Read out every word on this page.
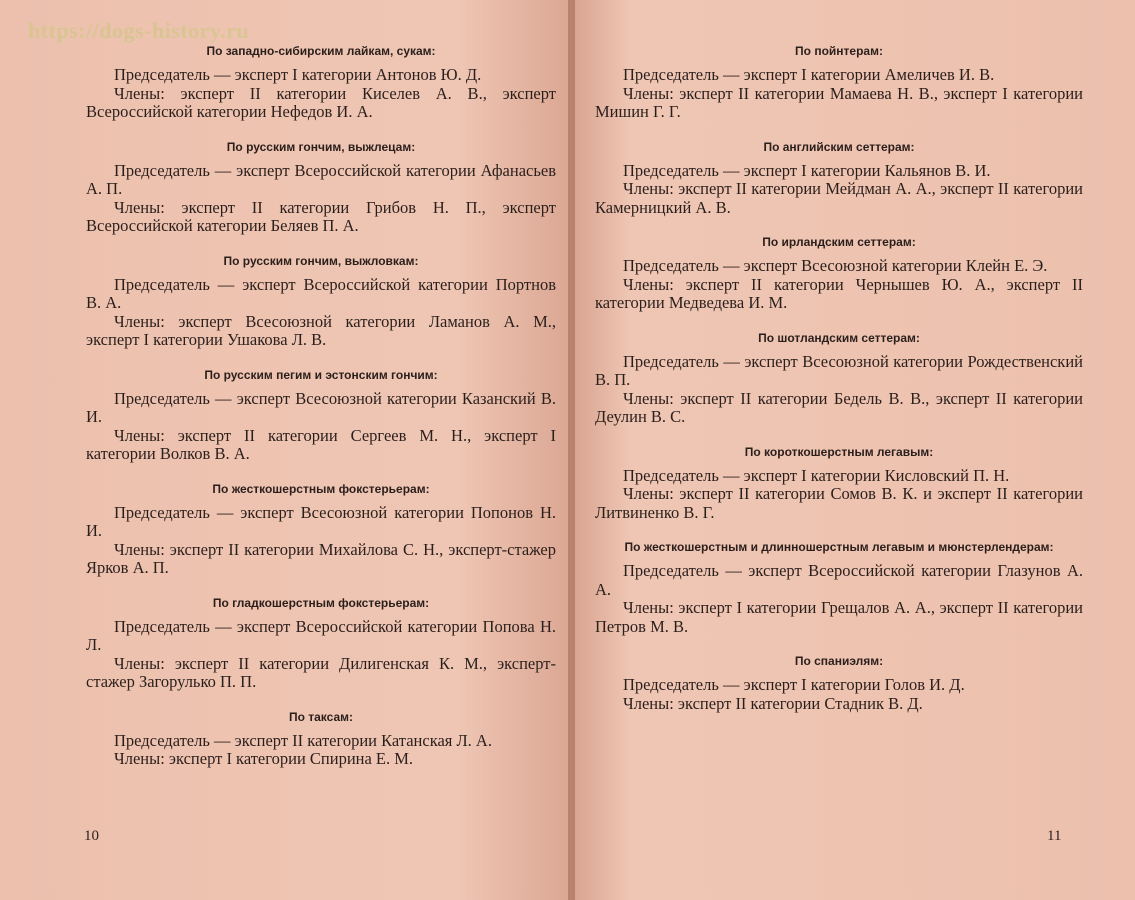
https://dogs-history.ru
По западно-сибирским лайкам, сукам:

Председатель — эксперт I категории Антонов Ю. Д.

Члены: эксперт II категории Киселев А. В., эксперт Всероссийской категории Нефедов И. А.

По русским гончим, выжлецам:

Председатель — эксперт Всероссийской категории Афанасьев А. П.

Члены: эксперт II категории Грибов Н. П., эксперт Всероссийской категории Беляев П. А.

По русским гончим, выжловкам:

Председатель — эксперт Всероссийской категории Портнов В. А.

Члены: эксперт Всесоюзной категории Ламанов А. М., эксперт I категории Ушакова Л. В.

По русским пегим и эстонским гончим:

Председатель — эксперт Всесоюзной категории Казанский В. И.

Члены: эксперт II категории Сергеев М. Н., эксперт I категории Волков В. А.

По жесткошерстным фокстерьерам:

Председатель — эксперт Всесоюзной категории Попонов Н. И.

Члены: эксперт II категории Михайлова С. Н., эксперт-стажер Ярков А. П.

По гладкошерстным фокстерьерам:

Председатель — эксперт Всероссийской категории Попова Н. Л.

Члены: эксперт II категории Дилигенская К. М., эксперт-стажер Загорулько П. П.

По таксам:

Председатель — эксперт II категории Катанская Л. А.

Члены: эксперт I категории Спирина Е. М.

10
По пойнтерам:

Председатель — эксперт I категории Амеличев И. В.

Члены: эксперт II категории Мамаева Н. В., эксперт I категории Мишин Г. Г.

По английским сеттерам:

Председатель — эксперт I категории Кальянов В. И.

Члены: эксперт II категории Мейдман А. А., эксперт II категории Камерницкий А. В.

По ирландским сеттерам:

Председатель — эксперт Всесоюзной категории Клейн Е. Э.

Члены: эксперт II категории Чернышев Ю. А., эксперт II категории Медведева И. М.

По шотландским сеттерам:

Председатель — эксперт Всесоюзной категории Рождественский В. П.

Члены: эксперт II категории Бедель В. В., эксперт II категории Деулин В. С.

По короткошерстным легавым:

Председатель — эксперт I категории Кисловский П. Н.

Члены: эксперт II категории Сомов В. К. и эксперт II категории Литвиненко В. Г.

По жесткошерстным и длинношерстным легавым и мюнстерлендерам:

Председатель — эксперт Всероссийской категории Глазунов А. А.

Члены: эксперт I категории Грещалов А. А., эксперт II категории Петров М. В.

По спаниэлям:

Председатель — эксперт I категории Голов И. Д.

Члены: эксперт II категории Стадник В. Д.

11
